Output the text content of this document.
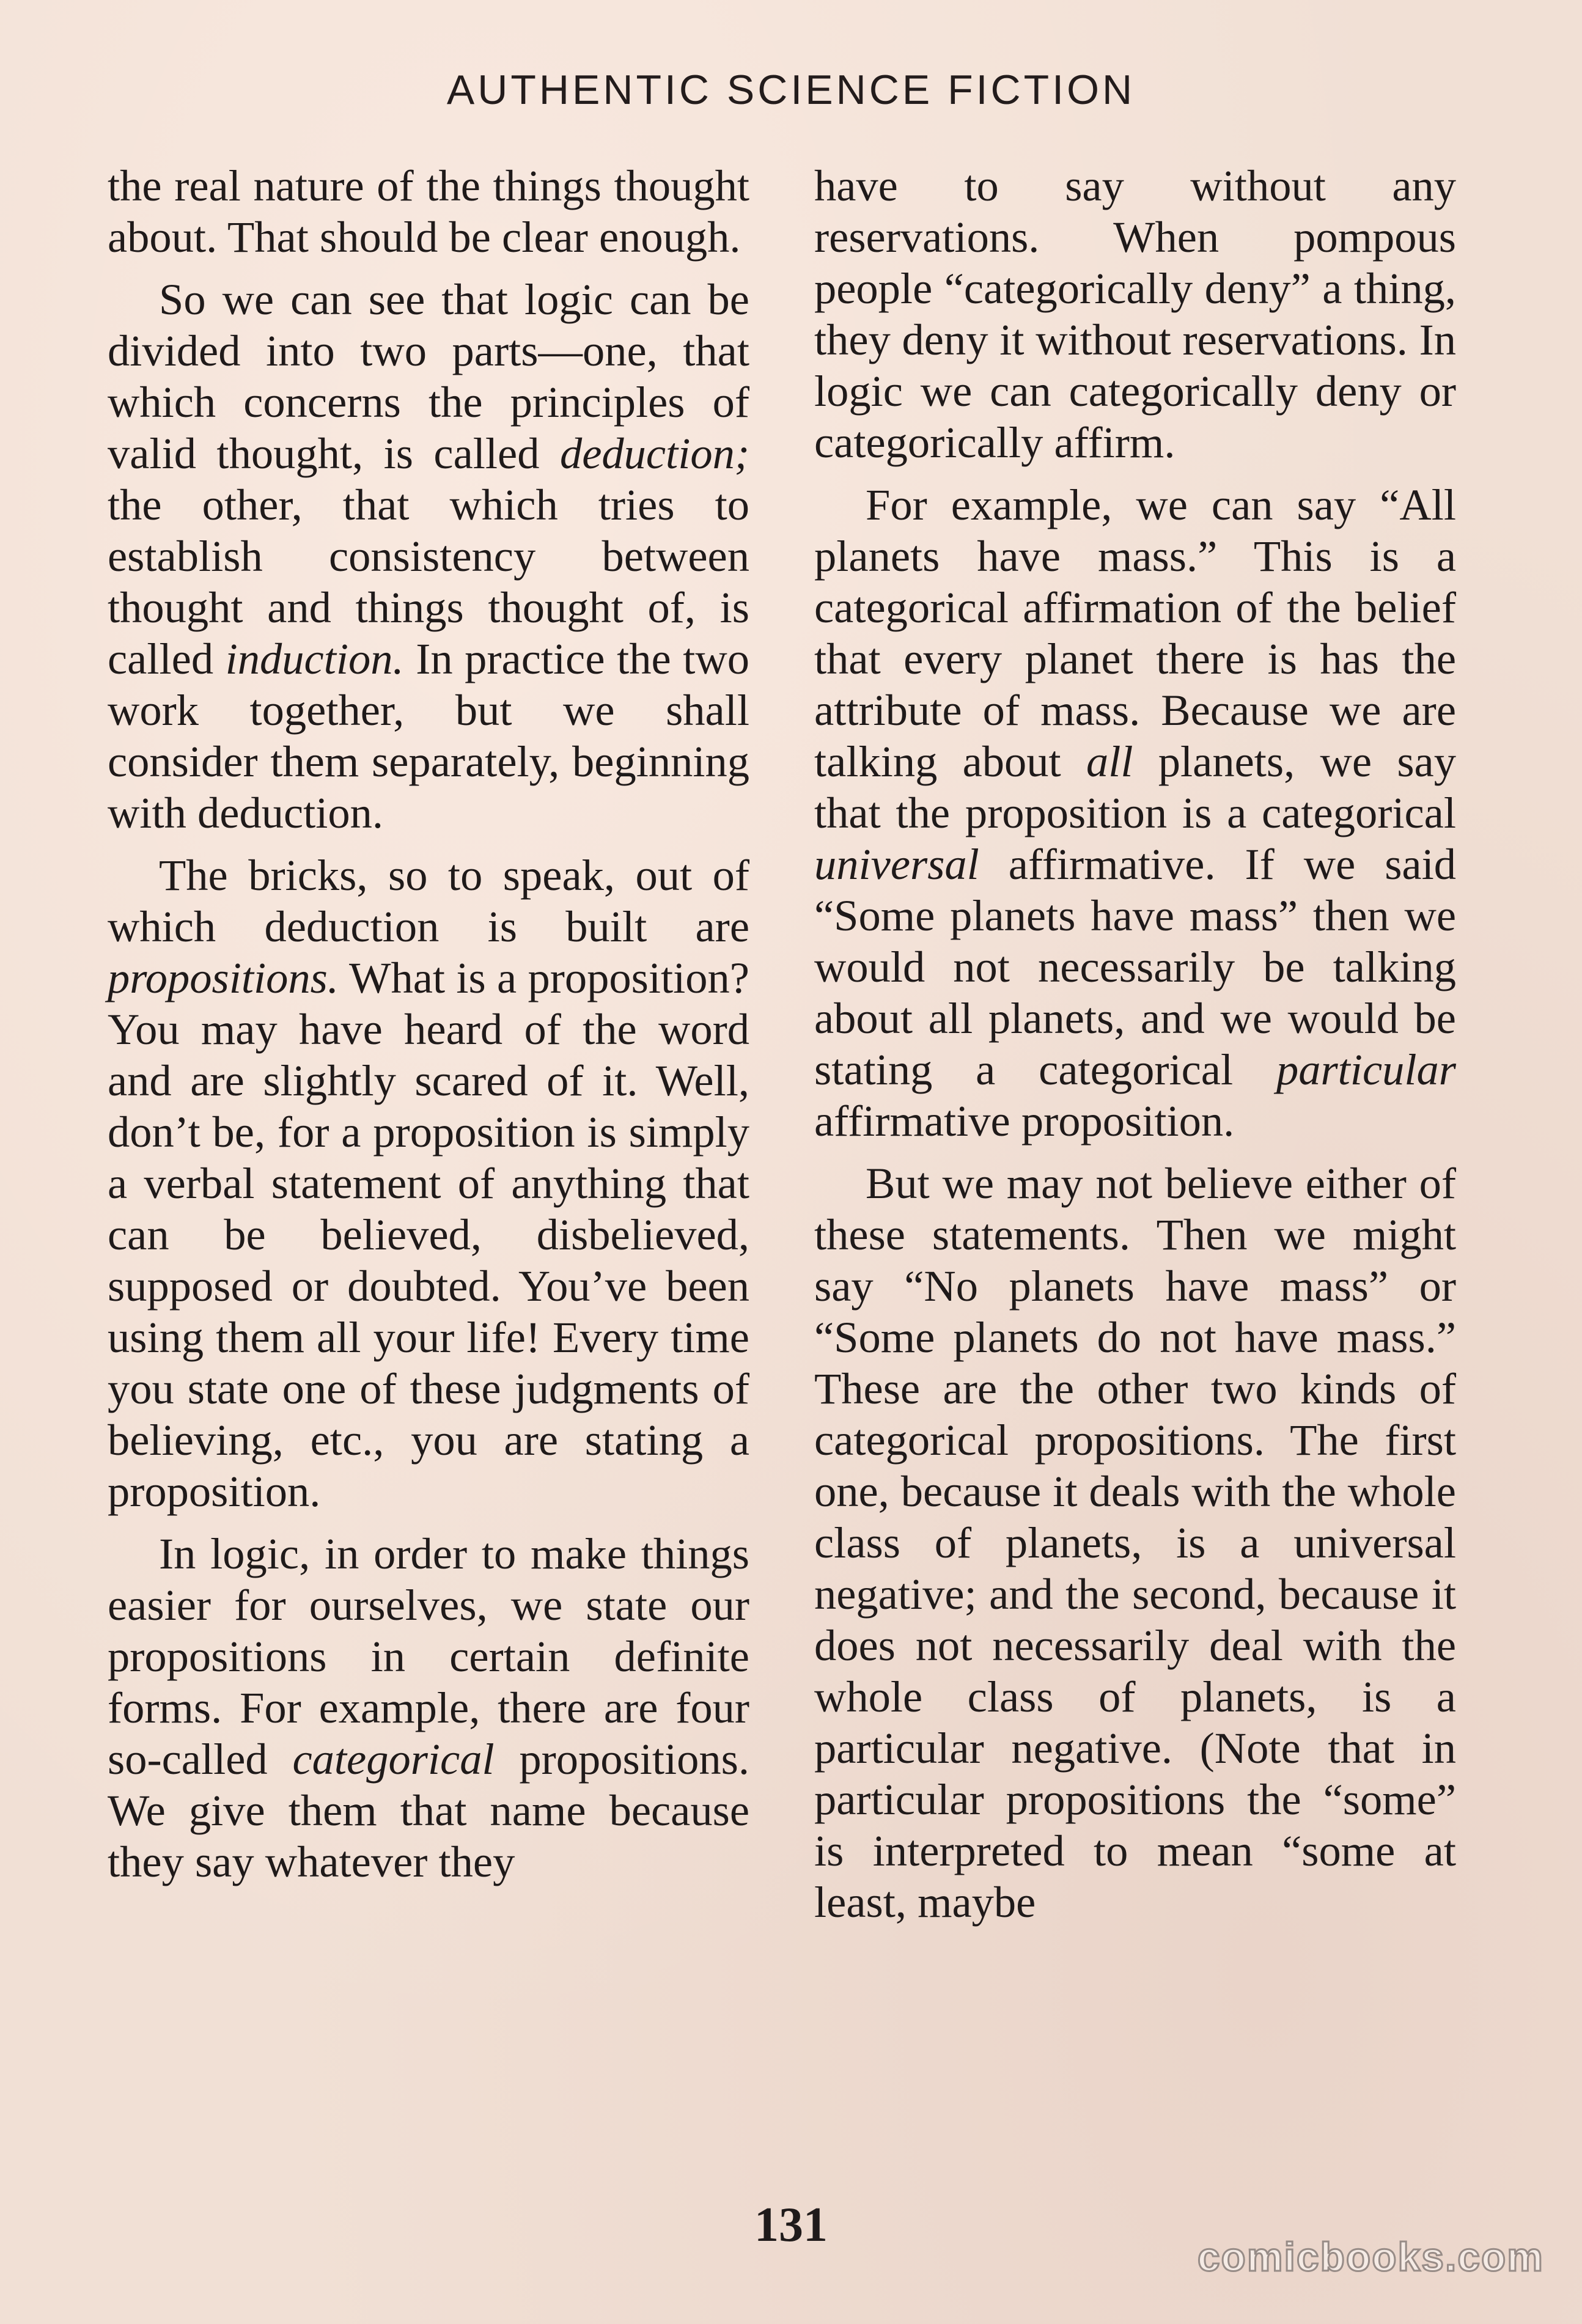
AUTHENTIC SCIENCE FICTION

the real nature of the things thought about. That should be clear enough.

So we can see that logic can be divided into two parts—one, that which concerns the principles of valid thought, is called deduction; the other, that which tries to establish consistency between thought and things thought of, is called induction. In practice the two work together, but we shall consider them separately, beginning with deduction.

The bricks, so to speak, out of which deduction is built are propositions. What is a proposition? You may have heard of the word and are slightly scared of it. Well, don’t be, for a proposition is simply a verbal statement of anything that can be believed, disbelieved, supposed or doubted. You’ve been using them all your life! Every time you state one of these judgments of believing, etc., you are stating a proposition.

In logic, in order to make things easier for ourselves, we state our propositions in certain definite forms. For example, there are four so-called categorical propositions. We give them that name because they say whatever they

have to say without any reservations. When pompous people “categorically deny” a thing, they deny it without reservations. In logic we can categorically deny or categorically affirm.

For example, we can say “All planets have mass.” This is a categorical affirmation of the belief that every planet there is has the attribute of mass. Because we are talking about all planets, we say that the proposition is a categorical universal affirmative. If we said “Some planets have mass” then we would not necessarily be talking about all planets, and we would be stating a categorical particular affirmative proposition.

But we may not believe either of these statements. Then we might say “No planets have mass” or “Some planets do not have mass.” These are the other two kinds of categorical propositions. The first one, because it deals with the whole class of planets, is a universal negative; and the second, because it does not necessarily deal with the whole class of planets, is a particular negative. (Note that in particular propositions the “some” is interpreted to mean “some at least, maybe

131
comicbooks.com
